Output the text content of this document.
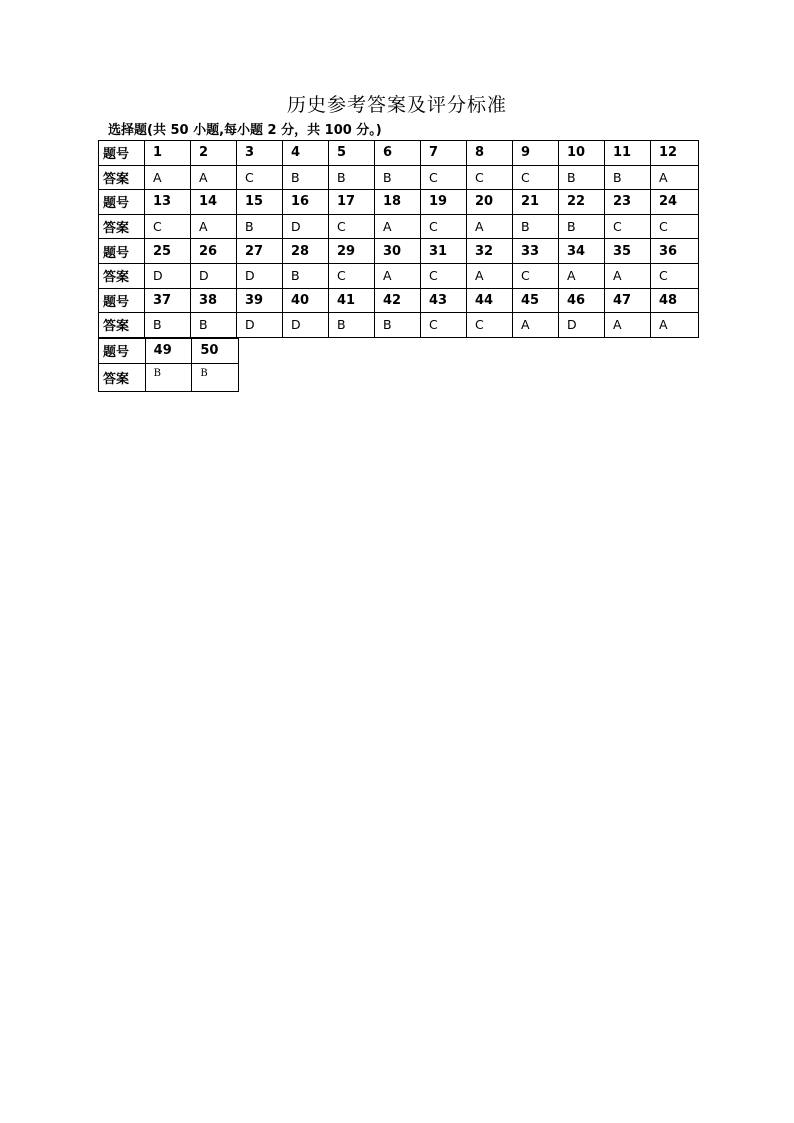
历史参考答案及评分标准
选择题(共 50 小题,每小题 2 分，共 100 分。)
题号	1	2	3	4	5	6	7	8	9	10	11	12
答案	A	A	C	B	B	B	C	C	C	B	B	A
题号	13	14	15	16	17	18	19	20	21	22	23	24
答案	C	A	B	D	C	A	C	A	B	B	C	C
题号	25	26	27	28	29	30	31	32	33	34	35	36
答案	D	D	D	B	C	A	C	A	C	A	A	C
题号	37	38	39	40	41	42	43	44	45	46	47	48
答案	B	B	D	D	B	B	C	C	A	D	A	A
题号	49	50
答案	B	B
